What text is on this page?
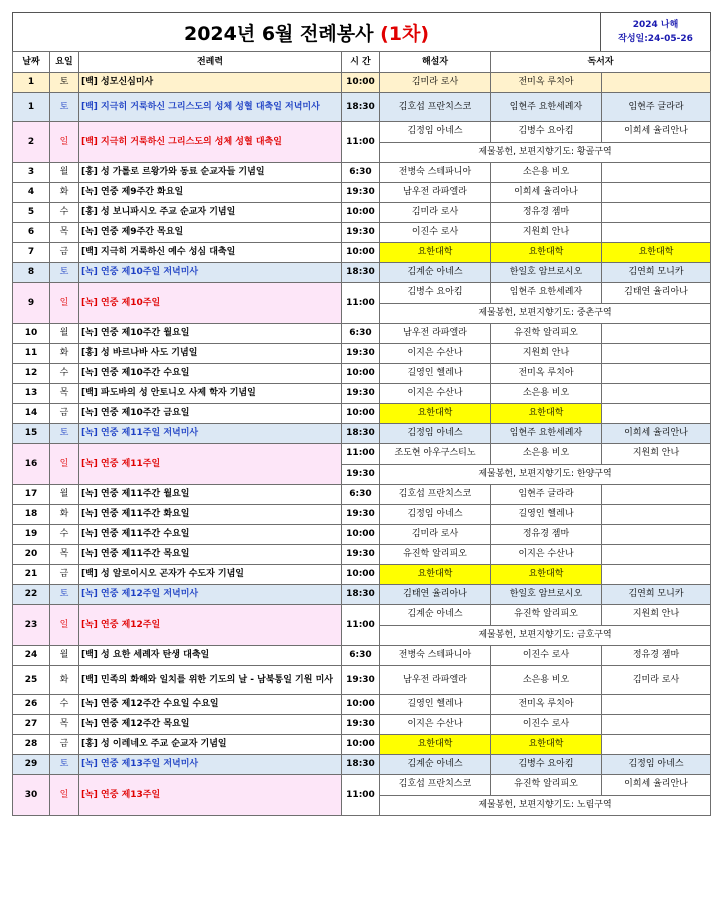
2024년 6월 전례봉사 (1차)	2024 나해
작성일:24-05-26
날짜	요일	전례력	시 간	해설자	독서자	
1	토	[백] 성모신심미사	10:00	김미라 로사	전미옥 루치아	
1	토	[백] 지극히 거룩하신 그리스도의 성체 성혈 대축일 저녁미사	18:30	김호섭 프란치스코	임현주 요한세례자	임현주 글라라
2	일	[백] 지극히 거룩하신 그리스도의 성체 성혈 대축일	11:00	김정임 아네스	김병수 요아킴	이희세 율리안나
				제물봉헌, 보편지향기도: 황골구역		
3	월	[홍] 성 가롤로 르왕가와 동료 순교자들 기념일	6:30	전병숙 스테파니아	소은용 비오	
4	화	[녹] 연중 제9주간 화요일	19:30	남우전 라파엘라	이희세 율리아나	
5	수	[홍] 성 보니파시오 주교 순교자 기념일	10:00	김미라 로사	정유경 젬마	
6	목	[녹] 연중 제9주간 목요일	19:30	이진수 로사	지원희 안나	
7	금	[백] 지극히 거룩하신 예수 성심 대축일	10:00	요한대학	요한대학	요한대학
8	토	[녹] 연중 제10주일 저녁미사	18:30	김계순 아네스	한일호 암브로시오	김연희 모니카
9	일	[녹] 연중 제10주일	11:00	김병수 요아킴	임현주 요한세례자	김태연 율리아나
				제물봉헌, 보편지향기도: 중촌구역		
10	월	[녹] 연중 제10주간 월요일	6:30	남우전 라파엘라	유진학 알리피오	
11	화	[홍] 성 바르나바 사도 기념일	19:30	이지은 수산나	지원희 안나	
12	수	[녹] 연중 제10주간 수요일	10:00	길영인 헬레나	전미옥 루치아	
13	목	[백] 파도바의 성 안토니오 사제 학자 기념일	19:30	이지은 수산나	소은용 비오	
14	금	[녹] 연중 제10주간 금요일	10:00	요한대학	요한대학	
15	토	[녹] 연중 제11주일 저녁미사	18:30	김정임 아네스	임현주 요한세례자	이희세 율리안나
16	일	[녹] 연중 제11주일	11:00	조도현 아우구스티노	소은용 비오	지원희 안나
			19:30	제물봉헌, 보편지향기도: 한양구역		
17	월	[녹] 연중 제11주간 월요일	6:30	김호섭 프란치스코	임현주 글라라	
18	화	[녹] 연중 제11주간 화요일	19:30	김정임 아네스	길영인 헬레나	
19	수	[녹] 연중 제11주간 수요일	10:00	김미라 로사	정유경 젬마	
20	목	[녹] 연중 제11주간 목요일	19:30	유진학 알리피오	이지은 수산나	
21	금	[백] 성 알로이시오 곤자가 수도자 기념일	10:00	요한대학	요한대학	
22	토	[녹] 연중 제12주일 저녁미사	18:30	김태연 율리아나	한일호 암브로시오	김연희 모니카
23	일	[녹] 연중 제12주일	11:00	김계순 아네스	유진학 알리피오	지원희 안나
				제물봉헌, 보편지향기도: 금호구역		
24	월	[백] 성 요한 세례자 탄생 대축일	6:30	전병숙 스테파니아	이진수 로사	정유경 젬마
25	화	[백] 민족의 화해와 일치를 위한 기도의 날 - 남북통일 기원 미사	19:30	남우전 라파엘라	소은용 비오	김미라 로사
26	수	[녹] 연중 제12주간 수요일 수요일	10:00	길영인 헬레나	전미옥 루치아	
27	목	[녹] 연중 제12주간 목요일	19:30	이지은 수산나	이진수 로사	
28	금	[홍] 성 이레네오 주교 순교자 기념일	10:00	요한대학	요한대학	
29	토	[녹] 연중 제13주일 저녁미사	18:30	김계순 아네스	김병수 요아킴	김정임 아네스
30	일	[녹] 연중 제13주일	11:00	김호섭 프란치스코	유진학 알리피오	이희세 율리안나
				제물봉헌, 보편지향기도: 노림구역		
